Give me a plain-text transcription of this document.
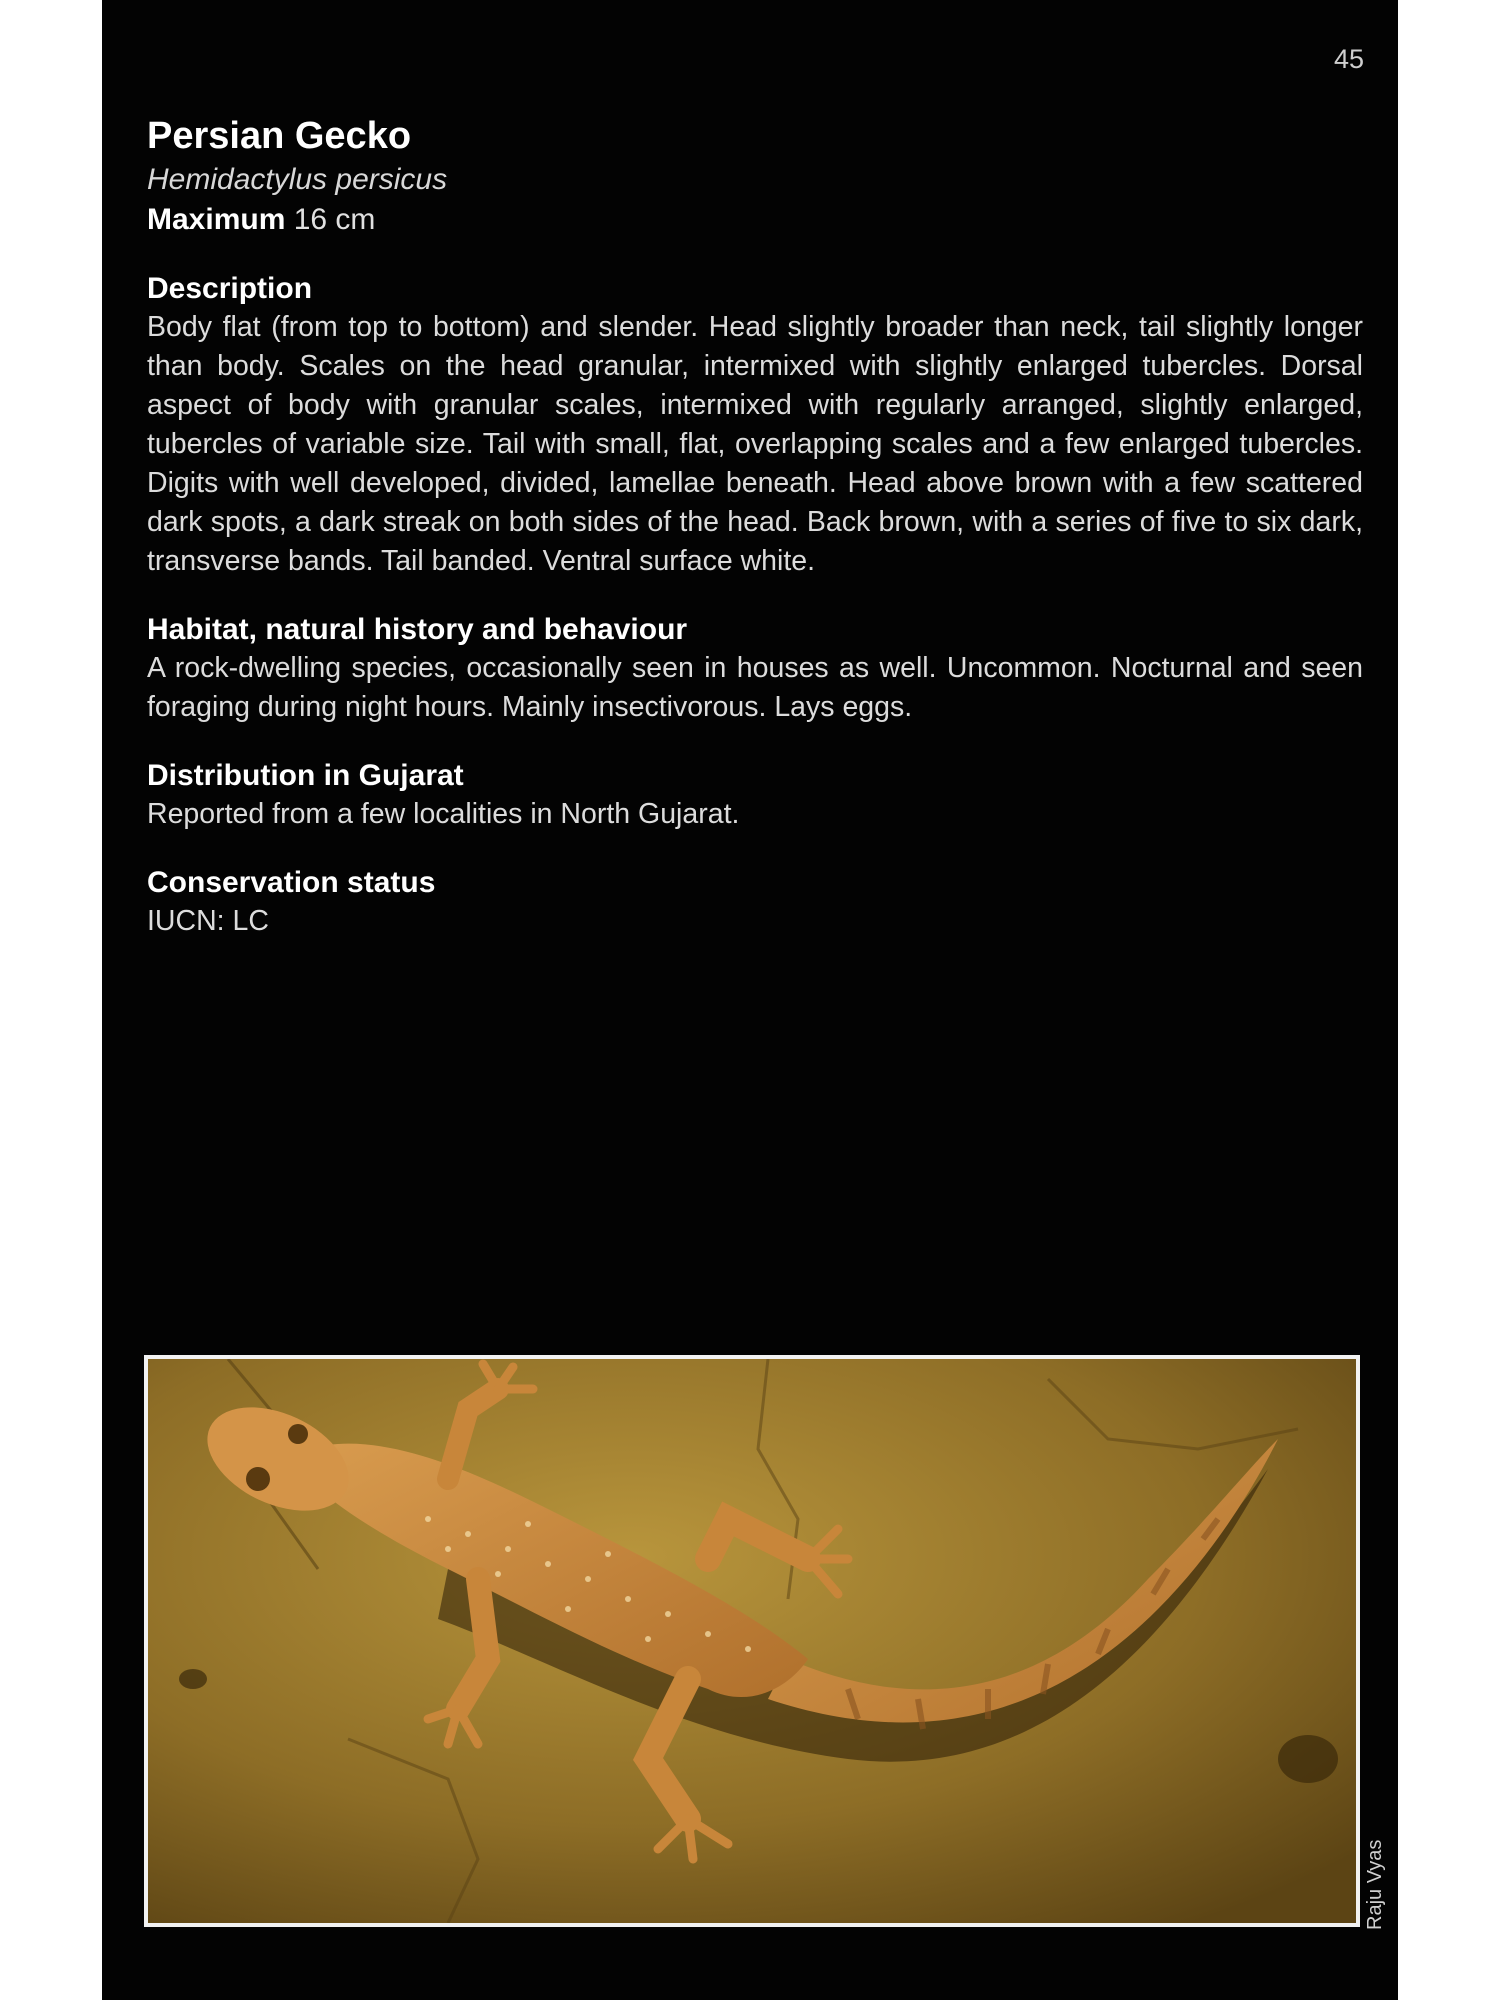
45
Persian Gecko
Hemidactylus persicus
Maximum 16 cm
Description

Body flat (from top to bottom) and slender. Head slightly broader than neck, tail slightly longer than body. Scales on the head granular, intermixed with slightly enlarged tubercles. Dorsal aspect of body with granular scales, intermixed with regularly arranged, slightly enlarged, tubercles of variable size. Tail with small, flat, overlapping scales and a few enlarged tubercles. Digits with well developed, divided, lamellae beneath. Head above brown with a few scattered dark spots, a dark streak on both sides of the head. Back brown, with a series of five to six dark, transverse bands. Tail banded. Ventral surface white.

Habitat, natural history and behaviour

A rock-dwelling species, occasionally seen in houses as well. Uncommon. Nocturnal and seen foraging during night hours. Mainly insectivorous. Lays eggs.

Distribution in Gujarat

Reported from a few localities in North Gujarat.

Conservation status

IUCN: LC

Raju Vyas
